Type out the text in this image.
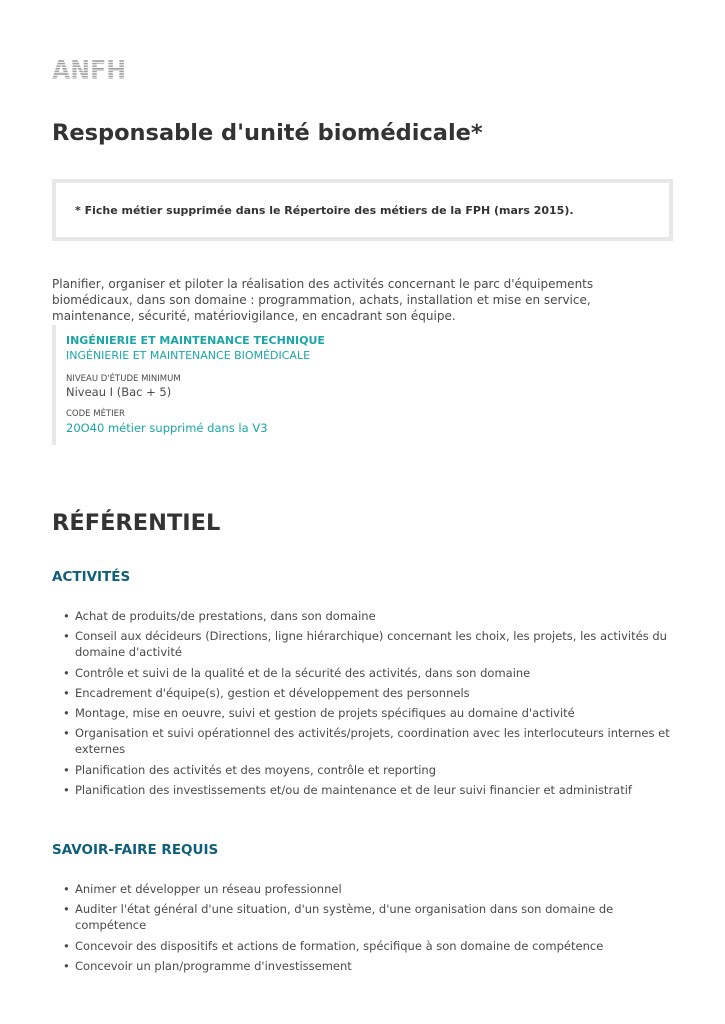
Responsable d'unité biomédicale*

* Fiche métier supprimée dans le Répertoire des métiers de la FPH (mars 2015).

Planifier, organiser et piloter la réalisation des activités concernant le parc d'équipements biomédicaux, dans son domaine : programmation, achats, installation et mise en service, maintenance, sécurité, matériovigilance, en encadrant son équipe.

INGÉNIERIE ET MAINTENANCE TECHNIQUE
INGÉNIERIE ET MAINTENANCE BIOMÉDICALE
NIVEAU D'ÉTUDE MINIMUM
Niveau I (Bac + 5)
CODE MÉTIER
20O40 métier supprimé dans la V3
RÉFÉRENTIEL
ACTIVITÉS
• Achat de produits/de prestations, dans son domaine
• Conseil aux décideurs (Directions, ligne hiérarchique) concernant les choix, les projets, les activités du domaine d'activité
• Contrôle et suivi de la qualité et de la sécurité des activités, dans son domaine
• Encadrement d'équipe(s), gestion et développement des personnels
• Montage, mise en oeuvre, suivi et gestion de projets spécifiques au domaine d'activité
• Organisation et suivi opérationnel des activités/projets, coordination avec les interlocuteurs internes et externes
• Planification des activités et des moyens, contrôle et reporting
• Planification des investissements et/ou de maintenance et de leur suivi financier et administratif
SAVOIR-FAIRE REQUIS
• Animer et développer un réseau professionnel
• Auditer l'état général d'une situation, d'un système, d'une organisation dans son domaine de compétence
• Concevoir des dispositifs et actions de formation, spécifique à son domaine de compétence
• Concevoir un plan/programme d'investissement
